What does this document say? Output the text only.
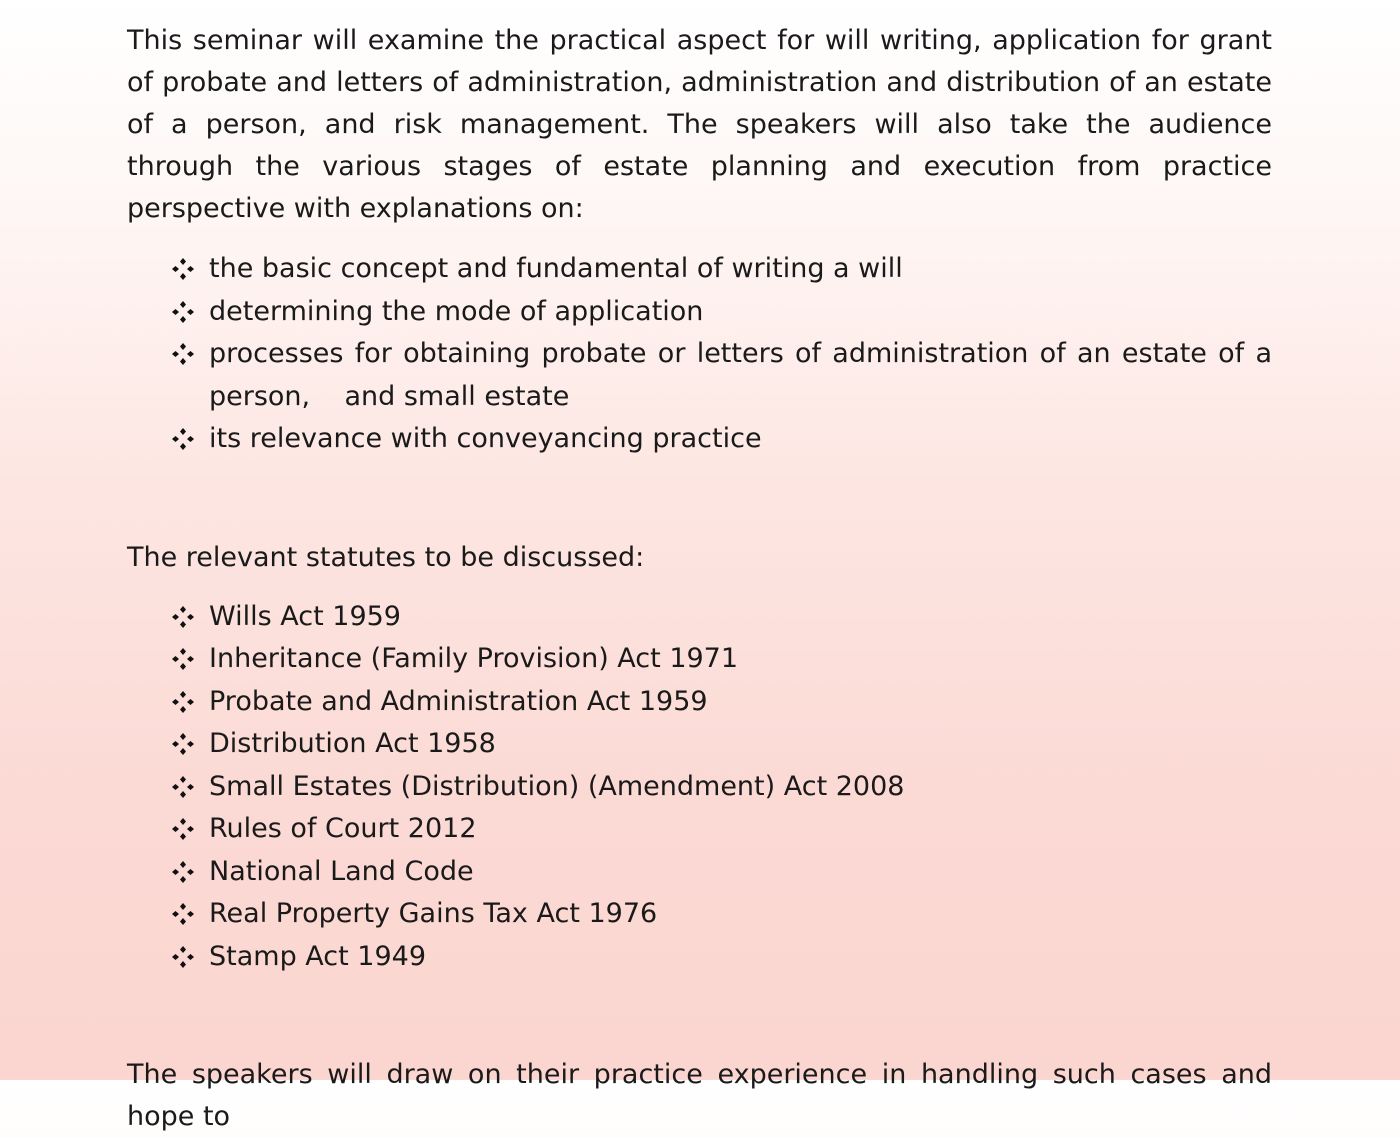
This seminar will examine the practical aspect for will writing, application for grant of probate and letters of administration, administration and distribution of an estate of a person, and risk management. The speakers will also take the audience through the various stages of estate planning and execution from practice perspective with explanations on:

the basic concept and fundamental of writing a will
determining the mode of application
processes for obtaining probate or letters of administration of an estate of a person,    and small estate
its relevance with conveyancing practice

The relevant statutes to be discussed:

Wills Act 1959
Inheritance (Family Provision) Act 1971
Probate and Administration Act 1959
Distribution Act 1958
Small Estates (Distribution) (Amendment) Act 2008
Rules of Court 2012
National Land Code
Real Property Gains Tax Act 1976
Stamp Act 1949

The speakers will draw on their practice experience in handling such cases and hope to
